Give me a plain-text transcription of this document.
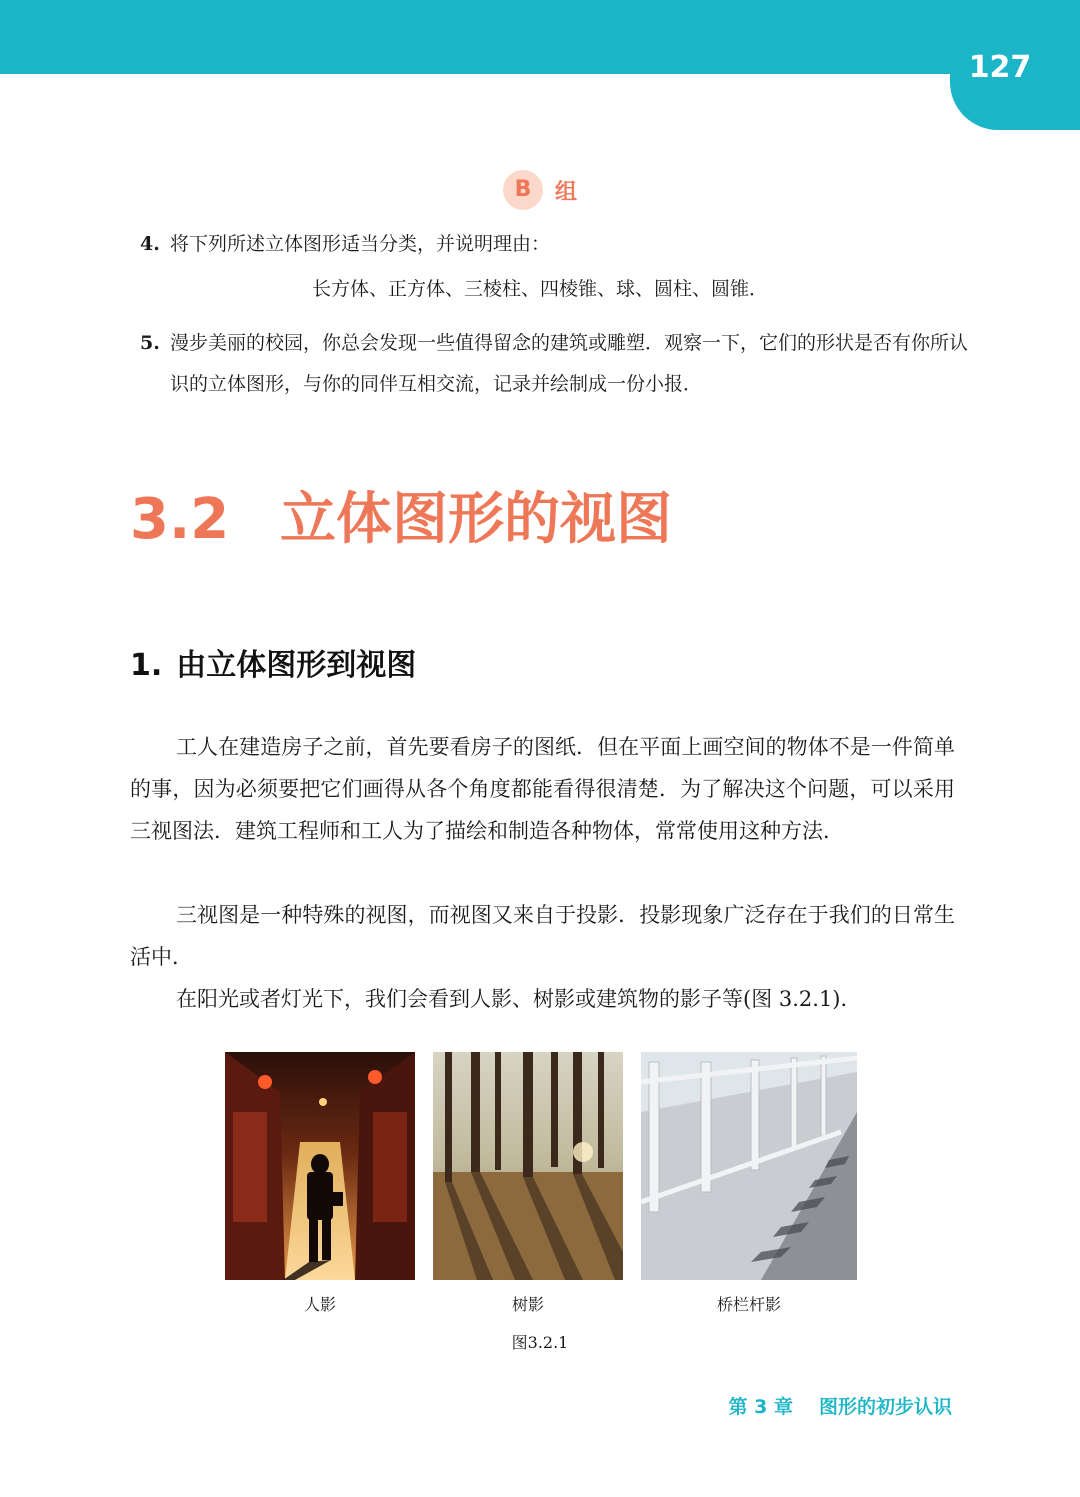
127
B 组
4. 将下列所述立体图形适当分类，并说明理由：
长方体、正方体、三棱柱、四棱锥、球、圆柱、圆锥．
5. 漫步美丽的校园，你总会发现一些值得留念的建筑或雕塑．观察一下，它们的形状是否有你所认识的立体图形，与你的同伴互相交流，记录并绘制成一份小报．
3.2 立体图形的视图
1. 由立体图形到视图
工人在建造房子之前，首先要看房子的图纸．但在平面上画空间的物体不是一件简单的事，因为必须要把它们画得从各个角度都能看得很清楚．为了解决这个问题，可以采用三视图法．建筑工程师和工人为了描绘和制造各种物体，常常使用这种方法．
三视图是一种特殊的视图，而视图又来自于投影．投影现象广泛存在于我们的日常生活中．
在阳光或者灯光下，我们会看到人影、树影或建筑物的影子等(图 3.2.1)．
人影	树影	桥栏杆影
图3.2.1
第 3 章 图形的初步认识
